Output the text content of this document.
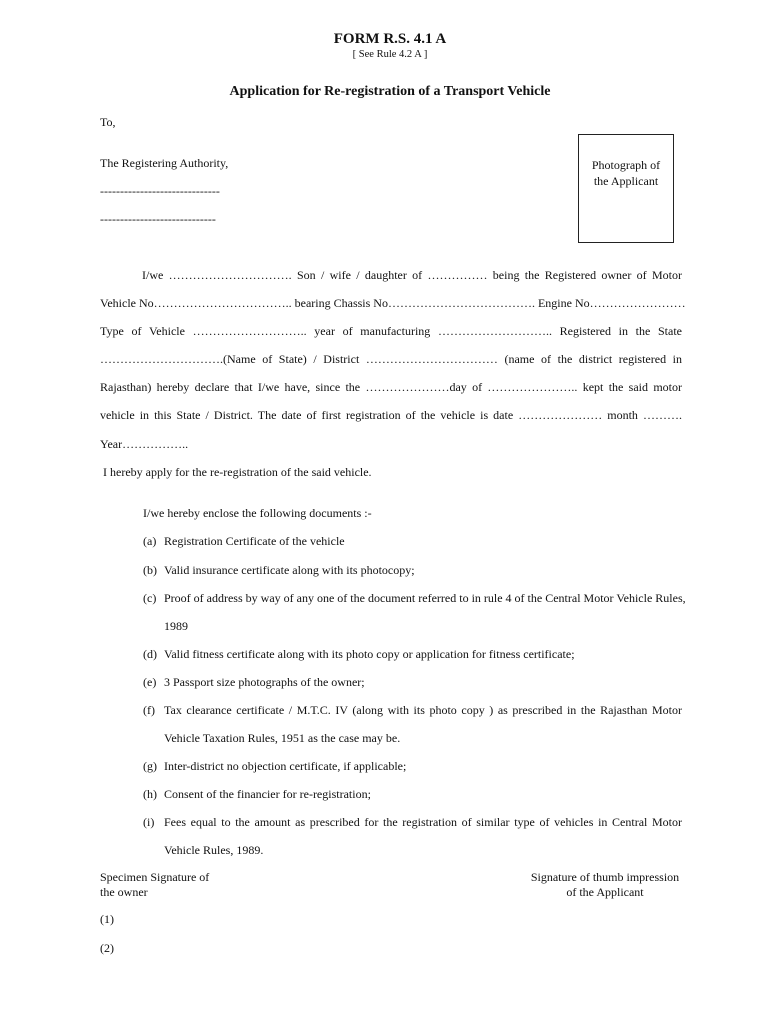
FORM R.S. 4.1 A
[ See Rule 4.2 A ]
Application for Re-registration of a Transport Vehicle
To,
The Registering Authority,
------------------------------
-----------------------------
Photograph of
the Applicant
I/we …………………………. Son / wife / daughter of …………… being the Registered owner of Motor
Vehicle No…………………………….. bearing Chassis No………………………………. Engine No……………………
Type of Vehicle ……………………….. year of manufacturing ……………………….. Registered in the State
………………………….(Name of State) / District …………………………… (name of the district registered in
Rajasthan) hereby declare that I/we have, since the …………………day of ………………….. kept the said motor
vehicle in this State / District. The date of first registration of the vehicle is date ………………… month ……….
Year……………..
I hereby apply for the re-registration of the said vehicle.
I/we hereby enclose the following documents :-
(a) Registration Certificate of the vehicle
(b) Valid insurance certificate along with its photocopy;
(c) Proof of address by way of any one of the document referred to in rule 4 of the Central Motor Vehicle Rules,
1989
(d) Valid fitness certificate along with its photo copy or application for fitness certificate;
(e) 3 Passport size photographs of the owner;
(f) Tax clearance certificate / M.T.C. IV (along with its photo copy ) as prescribed in the Rajasthan Motor
Vehicle Taxation Rules, 1951 as the case may be.
(g) Inter-district no objection certificate, if applicable;
(h) Consent of the financier for re-registration;
(i) Fees equal to the amount as prescribed for the registration of similar type of vehicles in Central Motor
Vehicle Rules, 1989.
Specimen Signature of
the owner
Signature of thumb impression
of the Applicant
(1)
(2)
